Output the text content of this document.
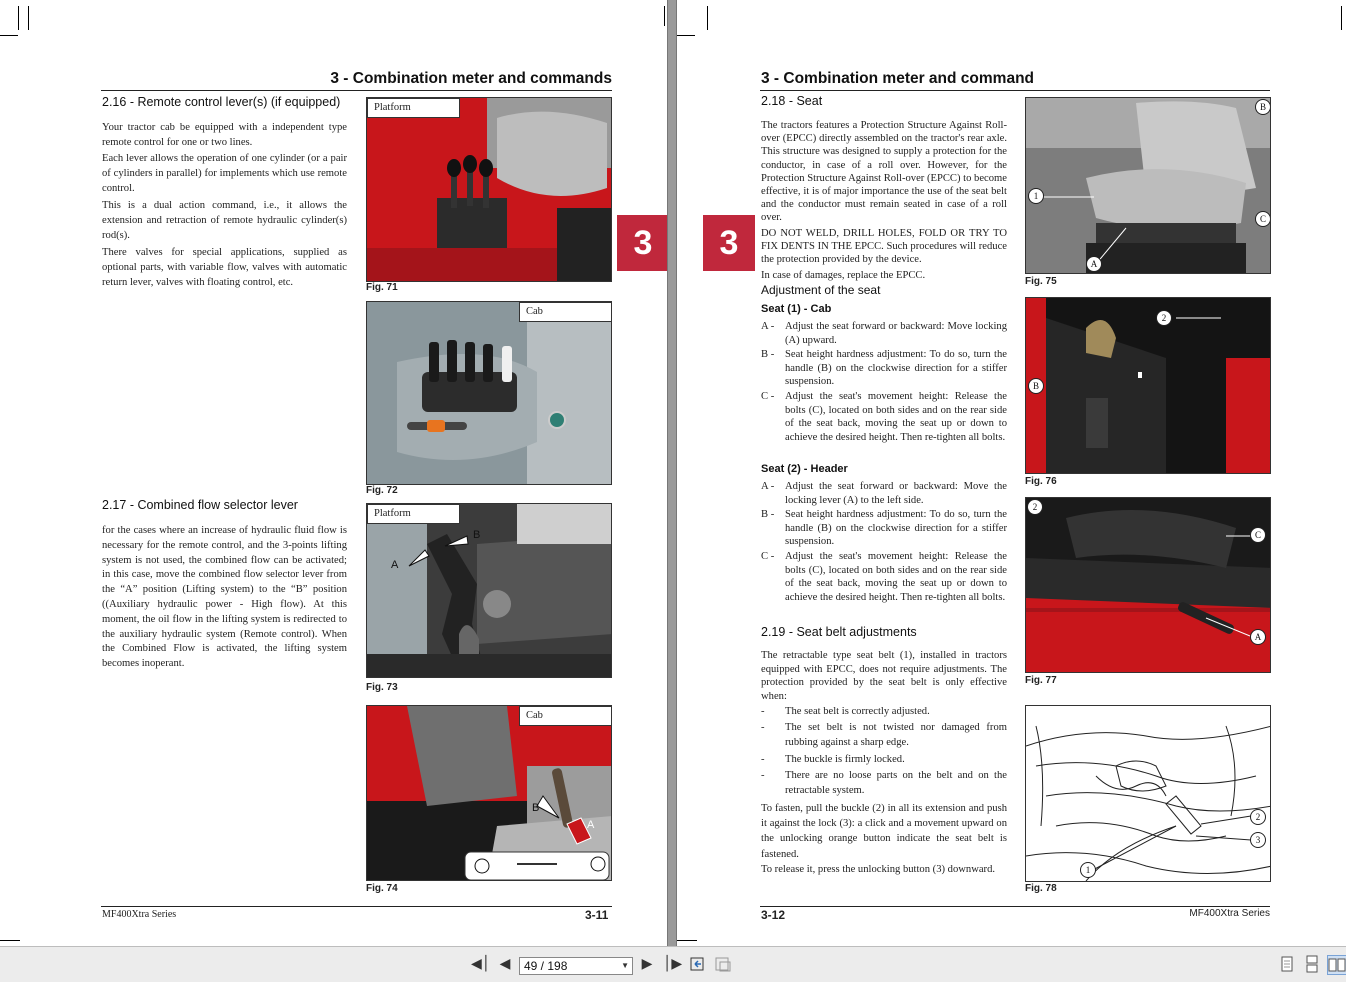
3 - Combination meter and commands
2.16 - Remote control lever(s) (if equipped)

Your tractor cab be equipped with a independent type remote control for one or two lines.

Each lever allows the operation of one cylinder (or a pair of cylinders in parallel) for implements which use remote control.

This is a dual action command, i.e., it allows the extension and retraction of remote hydraulic cylinder(s) rod(s).

There valves for special applications, supplied as optional parts, with variable flow, valves with automatic return lever, valves with floating control, etc.

2.17 - Combined flow selector lever

for the cases where an increase of hydraulic fluid flow is necessary for the remote control, and the 3-points lifting system is not used, the combined flow can be activated; in this case, move the combined flow selector lever from the “A” position (Lifting system) to the “B” position ((Auxiliary hydraulic power - High flow). At this moment, the oil flow in the lifting system is redirected to the auxiliary hydraulic system (Remote control). When the Combined Flow is activated, the lifting system becomes inoperant.

Platform
Fig. 71
Cab
Fig. 72
Platform
A
B
Fig. 73
Cab
B
A
Fig. 74
3
MF400Xtra Series	3-11
3 - Combination meter and command
3
2.18 - Seat

The tractors features a Protection Structure Against Roll-over (EPCC) directly assembled on the tractor's rear axle. This structure was designed to supply a protection for the conductor, in case of a roll over. However, for the Protection Structure Against Roll-over (EPCC) to become effective, it is of major importance the use of the seat belt and the conductor must remain seated in case of a roll over.

DO NOT WELD, DRILL HOLES, FOLD OR TRY TO FIX DENTS IN THE EPCC. Such procedures will reduce the protection provided by the device.

In case of damages, replace the EPCC.

Adjustment of the seat
Seat (1) - Cab
A -	Adjust the seat forward or backward: Move locking (A) upward.
B -	Seat height hardness adjustment: To do so, turn the handle (B) on the clockwise direction for a stiffer suspension.
C -	Adjust the seat's movement height: Release the bolts (C), located on both sides and on the rear side of the seat back, moving the seat up or down to achieve the desired height. Then re-tighten all bolts.
Seat (2) - Header
A -	Adjust the seat forward or backward: Move the locking lever (A) to the left side.
B -	Seat height hardness adjustment: To do so, turn the handle (B) on the clockwise direction for a stiffer suspension.
C -	Adjust the seat's movement height: Release the bolts (C), located on both sides and on the rear side of the seat back, moving the seat up or down to achieve the desired height. Then re-tighten all bolts.
2.19 - Seat belt adjustments

The retractable type seat belt (1), installed in tractors equipped with EPCC, does not require adjustments. The protection provided by the seat belt is only effective when:

-	The seat belt is correctly adjusted.
-	The set belt is not twisted nor damaged from rubbing against a sharp edge.
-	The buckle is firmly locked.
-	There are no loose parts on the belt and on the retractable system.

To fasten, pull the buckle (2) in all its extension and push it against the lock (3): a click and a movement upward on the unlocking orange button indicate the seat belt is fastened.

To release it, press the unlocking button (3) downward.

B
1
C
A
Fig. 75
2
B
Fig. 76
2
C
A
Fig. 77
2
3
1
Fig. 78
3-12	MF400Xtra Series
◀│ ◀	49 / 198	▼ ▶ │▶
